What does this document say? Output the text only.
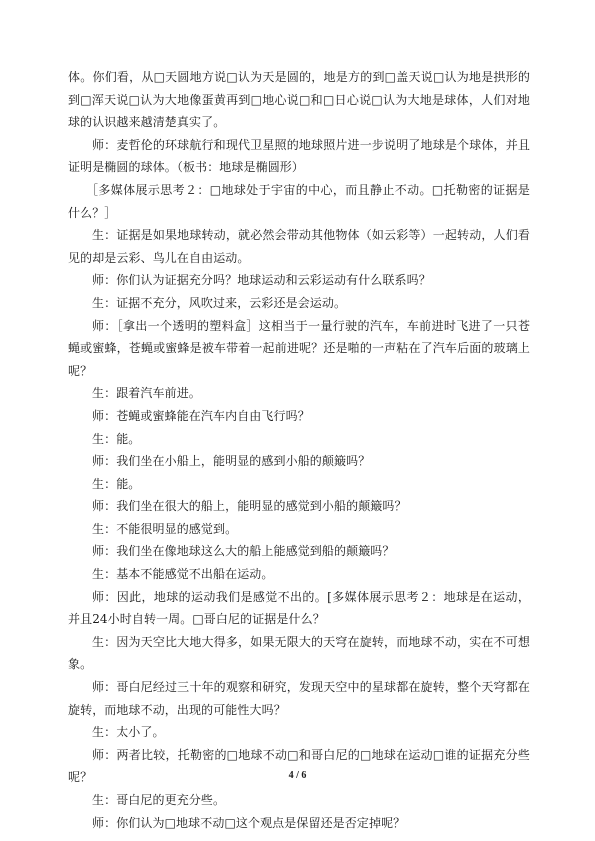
体。你们看，从□天圆地方说□认为天是圆的，地是方的到□盖天说□认为地是拱形的到□浑天说□认为大地像蛋黄再到□地心说□和□日心说□认为大地是球体，人们对地球的认识越来越清楚真实了。

师：麦哲伦的环球航行和现代卫星照的地球照片进一步说明了地球是个球体，并且证明是椭圆的球体。（板书：地球是椭圆形）

［多媒体展示思考２：□地球处于宇宙的中心，而且静止不动。□托勒密的证据是什么？］

生：证据是如果地球转动，就必然会带动其他物体（如云彩等）一起转动，人们看见的却是云彩、鸟儿在自由运动。

师：你们认为证据充分吗？地球运动和云彩运动有什么联系吗？

生：证据不充分，风吹过来，云彩还是会运动。

师：［拿出一个透明的塑料盒］这相当于一量行驶的汽车，车前进时飞进了一只苍蝇或蜜蜂，苍蝇或蜜蜂是被车带着一起前进呢？还是啪的一声粘在了汽车后面的玻璃上呢？

生：跟着汽车前进。

师：苍蝇或蜜蜂能在汽车内自由飞行吗？

生：能。

师：我们坐在小船上，能明显的感到小船的颠簸吗？

生：能。

师：我们坐在很大的船上，能明显的感觉到小船的颠簸吗？

生：不能很明显的感觉到。

师：我们坐在像地球这么大的船上能感觉到船的颠簸吗？

生：基本不能感觉不出船在运动。

师：因此，地球的运动我们是感觉不出的。[多媒体展示思考２：地球是在运动，并且24小时自转一周。□哥白尼的证据是什么？

生：因为天空比大地大得多，如果无限大的天穹在旋转，而地球不动，实在不可想象。

师：哥白尼经过三十年的观察和研究，发现天空中的星球都在旋转，整个天穹都在旋转，而地球不动，出现的可能性大吗？

生：太小了。

师：两者比较，托勒密的□地球不动□和哥白尼的□地球在运动□谁的证据充分些呢？

生：哥白尼的更充分些。

师：你们认为□地球不动□这个观点是保留还是否定掉呢？

4 / 6
